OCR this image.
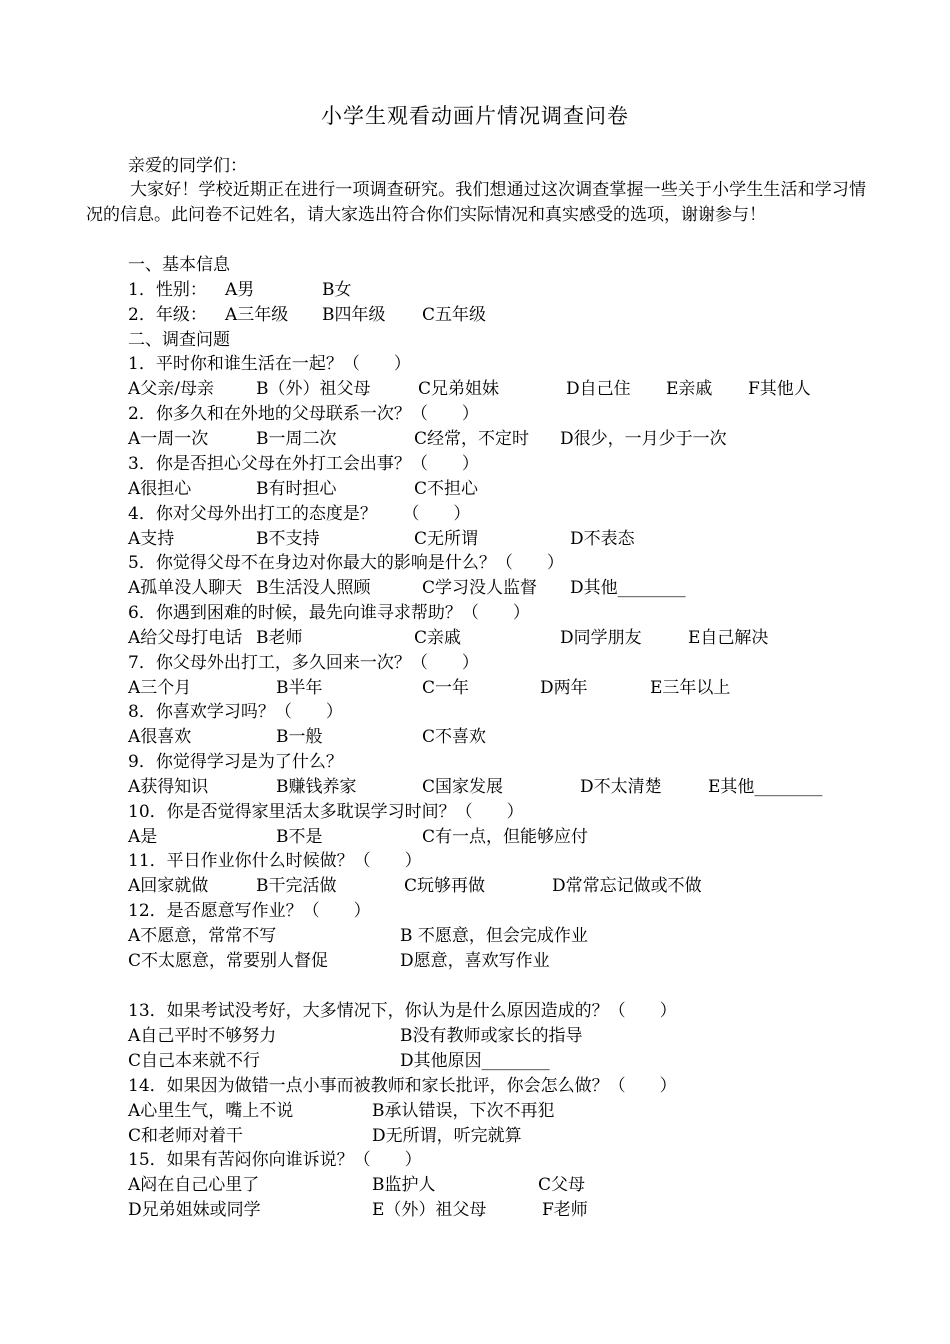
小学生观看动画片情况调查问卷
亲爱的同学们：
大家好！学校近期正在进行一项调查研究。我们想通过这次调查掌握一些关于小学生生活和学习情况的信息。此问卷不记姓名，请大家选出符合你们实际情况和真实感受的选项，谢谢参与！
一、基本信息
二、调查问题
1．性别： A男	B女
2．年级： A三年级 B四年级 C五年级
1．平时你和谁生活在一起？（　　）
A父亲/母亲 B（外）祖父母	C兄弟姐妹	D自己住 E亲戚 F其他人
2．你多久和在外地的父母联系一次？（　　）
A一周一次	B一周二次	C经常，不定时 D很少，一月少于一次
3．你是否担心父母在外打工会出事？（　　）
A很担心	B有时担心	C不担心
4．你对父母外出打工的态度是？　　（　　）
A支持	B不支持	C无所谓	D不表态
5．你觉得父母不在身边对你最大的影响是什么？（　　）
A孤单没人聊天 B生活没人照顾	C学习没人监督 D其他________
6．你遇到困难的时候，最先向谁寻求帮助？（　　）
A给父母打电话 B老师	C亲戚	D同学朋友	E自己解决
7．你父母外出打工，多久回来一次？（　　）
A三个月	B半年	C一年	D两年	E三年以上
8．你喜欢学习吗？（　　）
A很喜欢	B一般	C不喜欢
9．你觉得学习是为了什么？
A获得知识	B赚钱养家	C国家发展	D不太清楚	E其他________
10．你是否觉得家里活太多耽误学习时间？（　　）
A是	B不是	C有一点，但能够应付
11．平日作业你什么时候做？（　　）
A回家就做	B干完活做	C玩够再做	D常常忘记做或不做
12．是否愿意写作业？（　　）
A不愿意，常常不写	B 不愿意，但会完成作业
C不太愿意，常要别人督促	D愿意，喜欢写作业
13．如果考试没考好，大多情况下，你认为是什么原因造成的？（　　）
A自己平时不够努力	B没有教师或家长的指导
C自己本来就不行	D其他原因________
14．如果因为做错一点小事而被教师和家长批评，你会怎么做？（　　）
A心里生气，嘴上不说	B承认错误，下次不再犯
C和老师对着干	D无所谓，听完就算
15．如果有苦闷你向谁诉说？（　　）
A闷在自己心里了	B监护人	C父母
D兄弟姐妹或同学	E（外）祖父母	F老师
